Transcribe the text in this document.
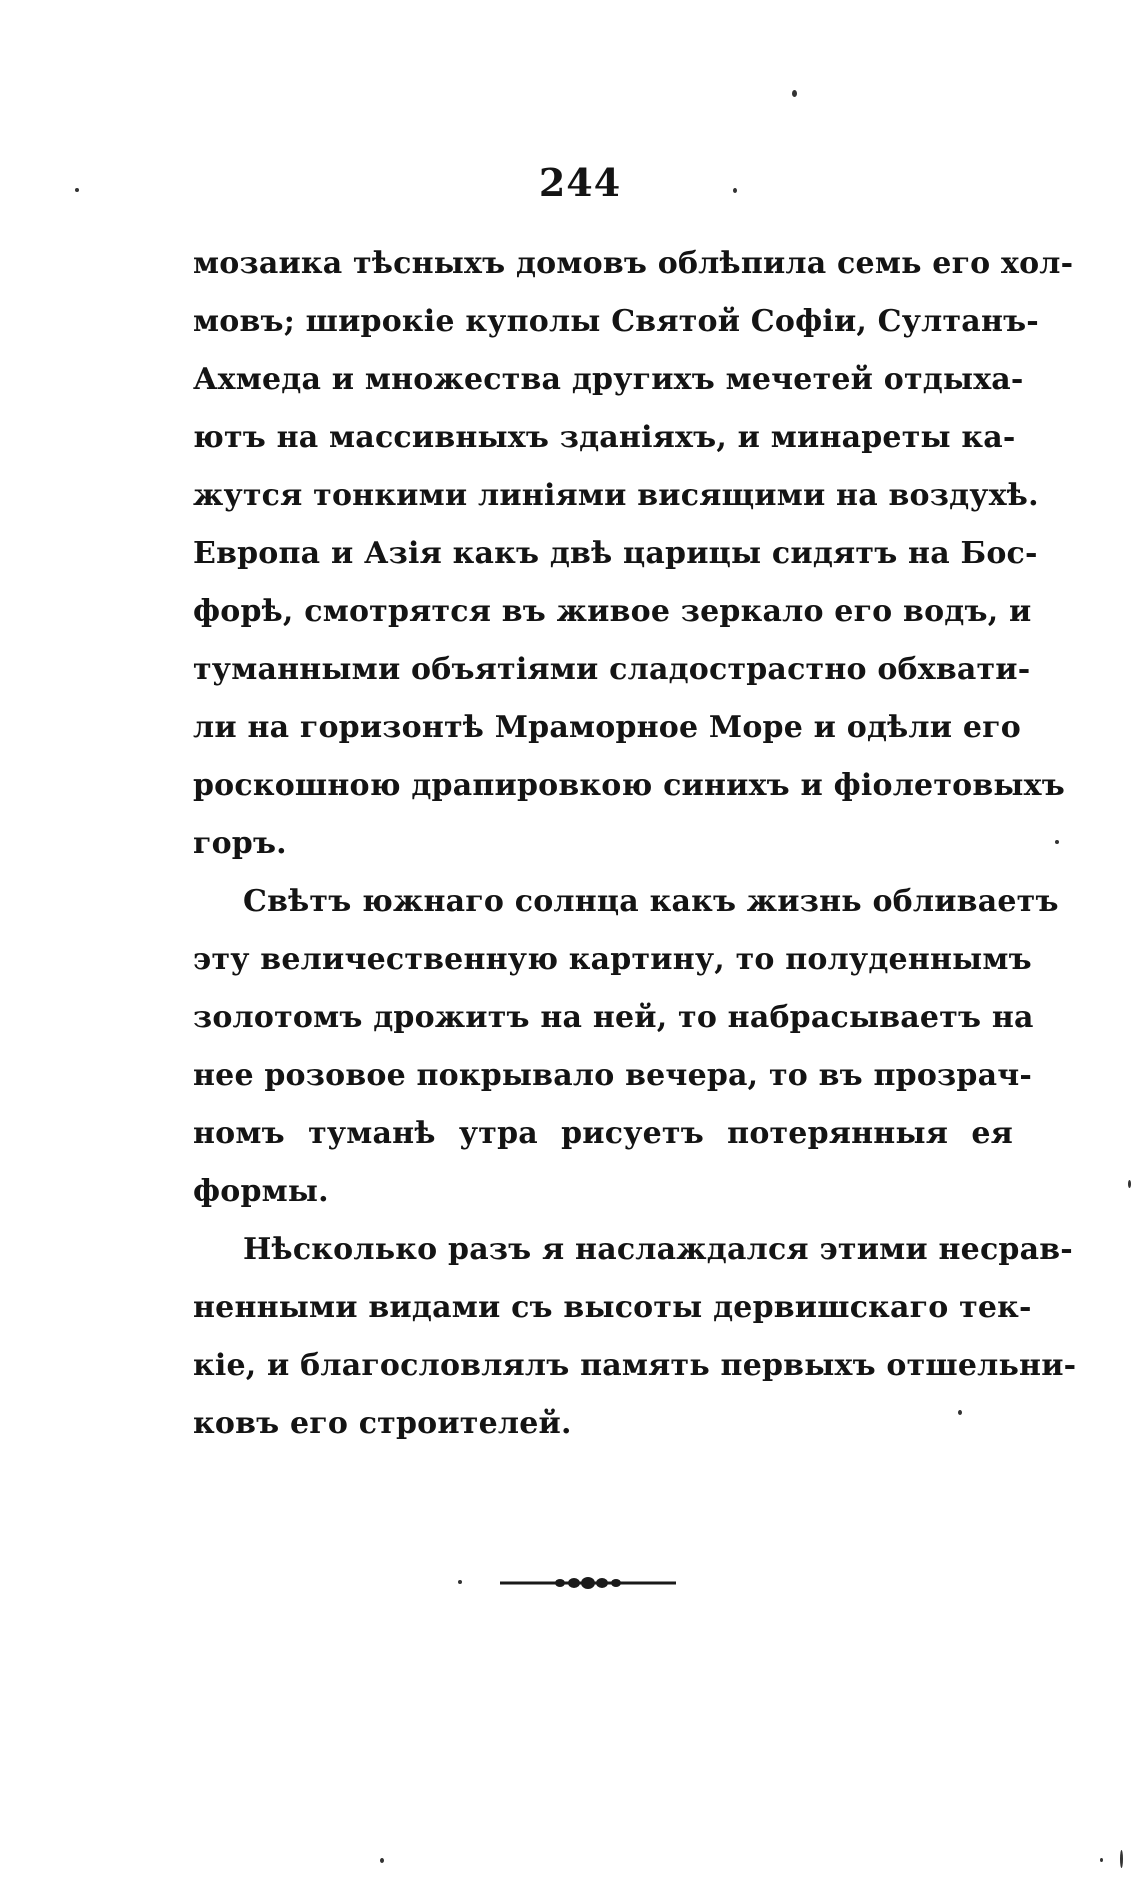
244
мозаика тѣсныхъ домовъ облѣпила семь его хол-
мовъ; широкіе куполы Святой Софіи, Султанъ-
Ахмеда и множества другихъ мечетей отдыха-
ютъ на массивныхъ зданіяхъ, и минареты ка-
жутся тонкими линіями висящими на воздухѣ.
Европа и Азія какъ двѣ царицы сидятъ на Бос-
форѣ, смотрятся въ живое зеркало его водъ, и
туманными объятіями сладострастно обхвати-
ли на горизонтѣ Мраморное Море и одѣли его
роскошною драпировкою синихъ и фіолетовыхъ
горъ.
Свѣтъ южнаго солнца какъ жизнь обливаетъ
эту величественную картину, то полуденнымъ
золотомъ дрожитъ на ней, то набрасываетъ на
нее розовое покрывало вечера, то въ прозрач-
номъ туманѣ утра рисуетъ потерянныя ея
формы.
Нѣсколько разъ я наслаждался этими несрав-
ненными видами съ высоты дервишскаго тек-
кіе, и благословлялъ память первыхъ отшельни-
ковъ его строителей.
